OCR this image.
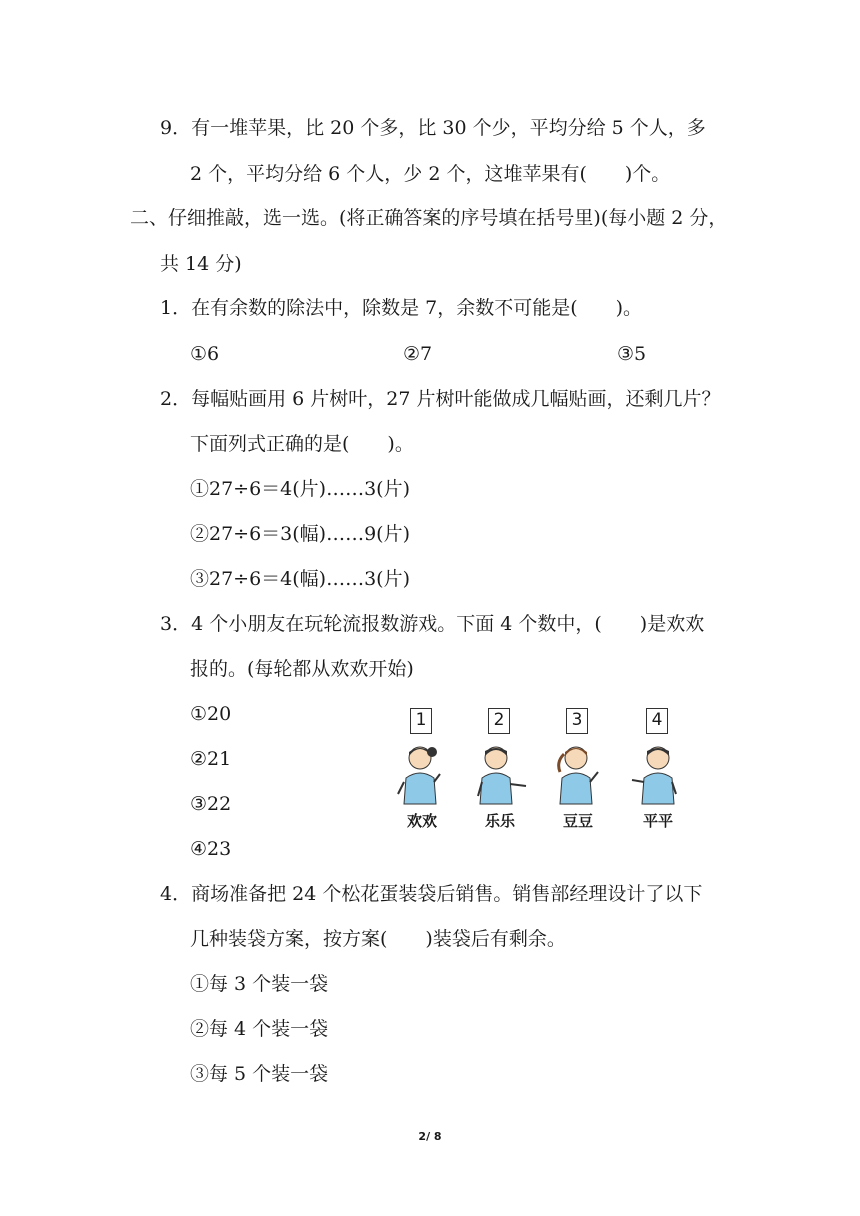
9．有一堆苹果，比 20 个多，比 30 个少，平均分给 5 个人，多
2 个，平均分给 6 个人，少 2 个，这堆苹果有(　　)个。
二、仔细推敲，选一选。(将正确答案的序号填在括号里)(每小题 2 分，
共 14 分)
1．在有余数的除法中，除数是 7，余数不可能是(　　)。
①6	②7	③5
2．每幅贴画用 6 片树叶，27 片树叶能做成几幅贴画，还剩几片？
下面列式正确的是(　　)。
①27÷6＝4(片)……3(片)
②27÷6＝3(幅)……9(片)
③27÷6＝4(幅)……3(片)
3．4 个小朋友在玩轮流报数游戏。下面 4 个数中，(　　)是欢欢
报的。(每轮都从欢欢开始)
①20
②21
③22
④23
1
欢欢
2
乐乐
3
豆豆
4
平平
4．商场准备把 24 个松花蛋装袋后销售。销售部经理设计了以下
几种装袋方案，按方案(　　)装袋后有剩余。
①每 3 个装一袋
②每 4 个装一袋
③每 5 个装一袋
2/ 8
